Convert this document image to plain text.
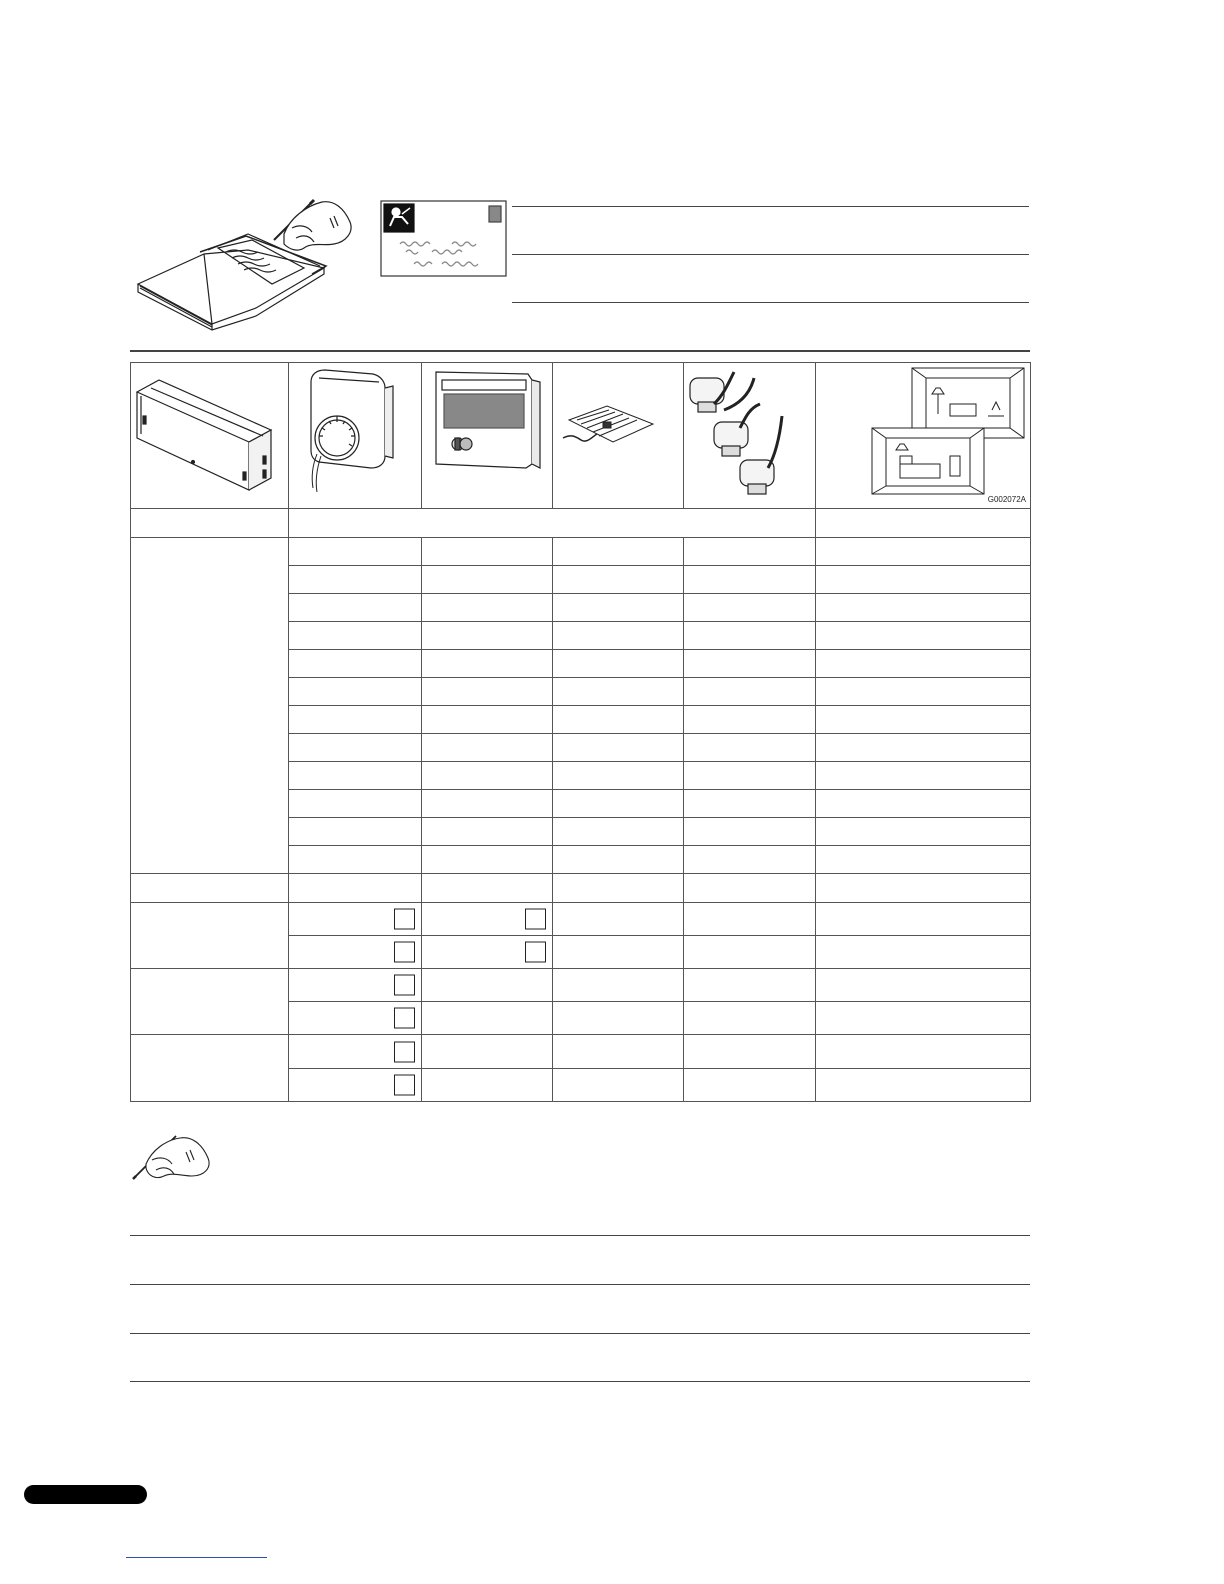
G002072A
